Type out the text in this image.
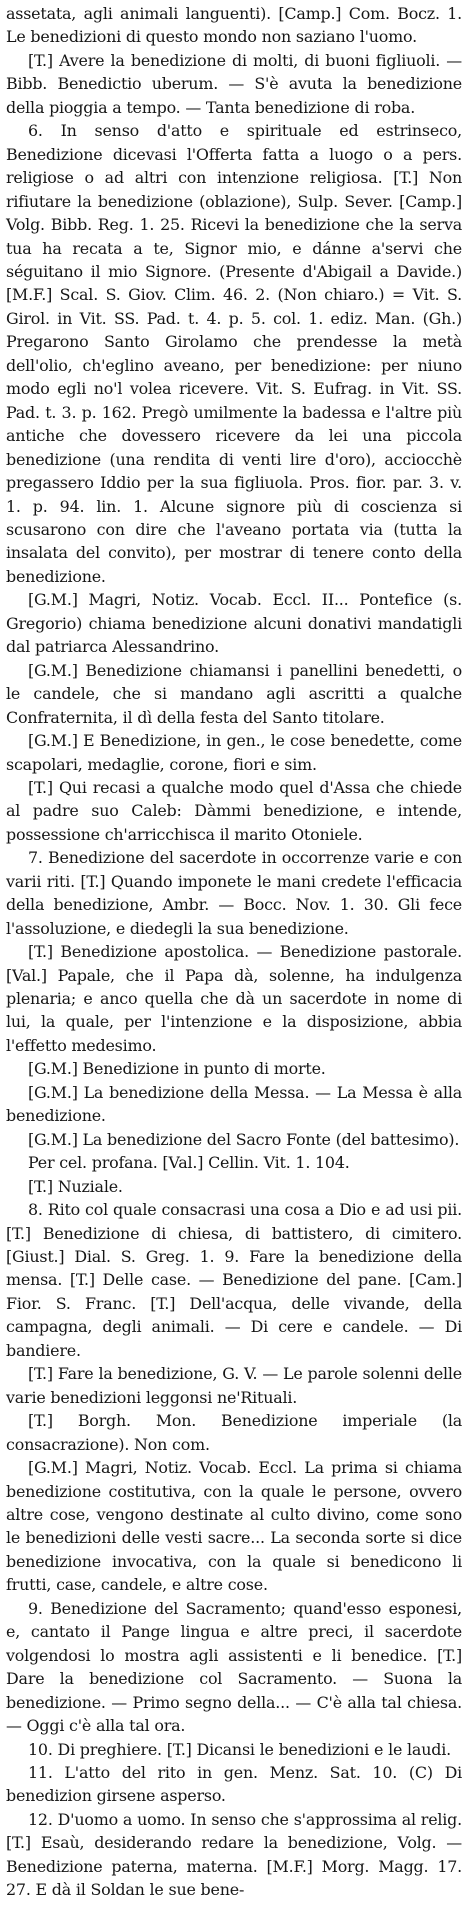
assetata, agli animali languenti). [Camp.] Com. Bocz. 1. Le benedizioni di questo mondo non saziano l'uomo.

[T.] Avere la benedizione di molti, di buoni figliuoli. — Bibb. Benedictio uberum. — S'è avuta la benedizione della pioggia a tempo. — Tanta benedizione di roba.

6. In senso d'atto e spirituale ed estrinseco, Benedizione dicevasi l'Offerta fatta a luogo o a pers. religiose o ad altri con intenzione religiosa. [T.] Non rifiutare la benedizione (oblazione), Sulp. Sever. [Camp.] Volg. Bibb. Reg. 1. 25. Ricevi la benedizione che la serva tua ha recata a te, Signor mio, e dánne a'servi che séguitano il mio Signore. (Presente d'Abigail a Davide.) [M.F.] Scal. S. Giov. Clim. 46. 2. (Non chiaro.) = Vit. S. Girol. in Vit. SS. Pad. t. 4. p. 5. col. 1. ediz. Man. (Gh.) Pregarono Santo Girolamo che prendesse la metà dell'olio, ch'eglino aveano, per benedizione: per niuno modo egli no'l volea ricevere. Vit. S. Eufrag. in Vit. SS. Pad. t. 3. p. 162. Pregò umilmente la badessa e l'altre più antiche che dovessero ricevere da lei una piccola benedizione (una rendita di venti lire d'oro), acciocchè pregassero Iddio per la sua figliuola. Pros. fior. par. 3. v. 1. p. 94. lin. 1. Alcune signore più di coscienza si scusarono con dire che l'aveano portata via (tutta la insalata del convito), per mostrar di tenere conto della benedizione.

[G.M.] Magri, Notiz. Vocab. Eccl. II... Pontefice (s. Gregorio) chiama benedizione alcuni donativi mandatigli dal patriarca Alessandrino.

[G.M.] Benedizione chiamansi i panellini benedetti, o le candele, che si mandano agli ascritti a qualche Confraternita, il dì della festa del Santo titolare.

[G.M.] E Benedizione, in gen., le cose benedette, come scapolari, medaglie, corone, fiori e sim.

[T.] Qui recasi a qualche modo quel d'Assa che chiede al padre suo Caleb: Dàmmi benedizione, e intende, possessione ch'arricchisca il marito Otoniele.

7. Benedizione del sacerdote in occorrenze varie e con varii riti. [T.] Quando imponete le mani credete l'efficacia della benedizione, Ambr. — Bocc. Nov. 1. 30. Gli fece l'assoluzione, e diedegli la sua benedizione.

[T.] Benedizione apostolica. — Benedizione pastorale. [Val.] Papale, che il Papa dà, solenne, ha indulgenza plenaria; e anco quella che dà un sacerdote in nome di lui, la quale, per l'intenzione e la disposizione, abbia l'effetto medesimo.

[G.M.] Benedizione in punto di morte.

[G.M.] La benedizione della Messa. — La Messa è alla benedizione.

[G.M.] La benedizione del Sacro Fonte (del battesimo).

Per cel. profana. [Val.] Cellin. Vit. 1. 104.

[T.] Nuziale.

8. Rito col quale consacrasi una cosa a Dio e ad usi pii. [T.] Benedizione di chiesa, di battistero, di cimitero. [Giust.] Dial. S. Greg. 1. 9. Fare la benedizione della mensa. [T.] Delle case. — Benedizione del pane. [Cam.] Fior. S. Franc. [T.] Dell'acqua, delle vivande, della campagna, degli animali. — Di cere e candele. — Di bandiere.

[T.] Fare la benedizione, G. V. — Le parole solenni delle varie benedizioni leggonsi ne'Rituali.

[T.] Borgh. Mon. Benedizione imperiale (la consacrazione). Non com.

[G.M.] Magri, Notiz. Vocab. Eccl. La prima si chiama benedizione costitutiva, con la quale le persone, ovvero altre cose, vengono destinate al culto divino, come sono le benedizioni delle vesti sacre... La seconda sorte si dice benedizione invocativa, con la quale si benedicono li frutti, case, candele, e altre cose.

9. Benedizione del Sacramento; quand'esso esponesi, e, cantato il Pange lingua e altre preci, il sacerdote volgendosi lo mostra agli assistenti e li benedice. [T.] Dare la benedizione col Sacramento. — Suona la benedizione. — Primo segno della... — C'è alla tal chiesa. — Oggi c'è alla tal ora.

10. Di preghiere. [T.] Dicansi le benedizioni e le laudi.

11. L'atto del rito in gen. Menz. Sat. 10. (C) Di benedizion girsene asperso.

12. D'uomo a uomo. In senso che s'approssima al relig. [T.] Esaù, desiderando redare la benedizione, Volg. — Benedizione paterna, materna. [M.F.] Morg. Magg. 17. 27. E dà il Soldan le sue bene-
